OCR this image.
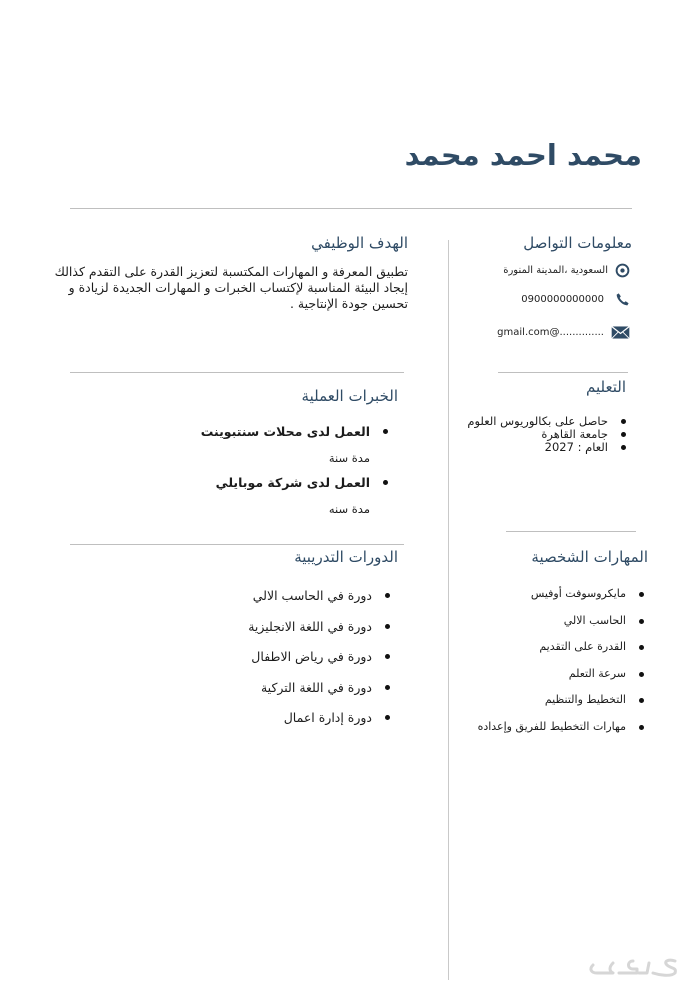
محمد احمد محمد
معلومات التواصل
السعودية ،المدينة المنورة
0900000000000
..............@gmail.com
التعليم
حاصل على بكالوريوس العلوم
جامعة القاهرة
العام : 2027
المهارات الشخصية
مايكروسوفت أوفيس
الحاسب الالي
القدرة على التقديم
سرعة التعلم
التخطيط والتنظيم
مهارات التخطيط للفريق وإعداده
الهدف الوظيفي
تطبيق المعرفة و المهارات المكتسبة لتعزيز القدرة على التقدم كذالك إيجاد البيئة المناسبة لإكتساب الخبرات و المهارات الجديدة لزيادة و تحسين جودة الإنتاجية .
الخبرات العملية
العمل لدى محلات سنتبوينت
مدة سنة
العمل لدى شركة موبايلي
مدة سنه
الدورات التدريبية
دورة في الحاسب الالي
دورة في اللغة الانجليزية
دورة في رياض الاطفال
دورة في اللغة التركية
دورة إدارة اعمال
